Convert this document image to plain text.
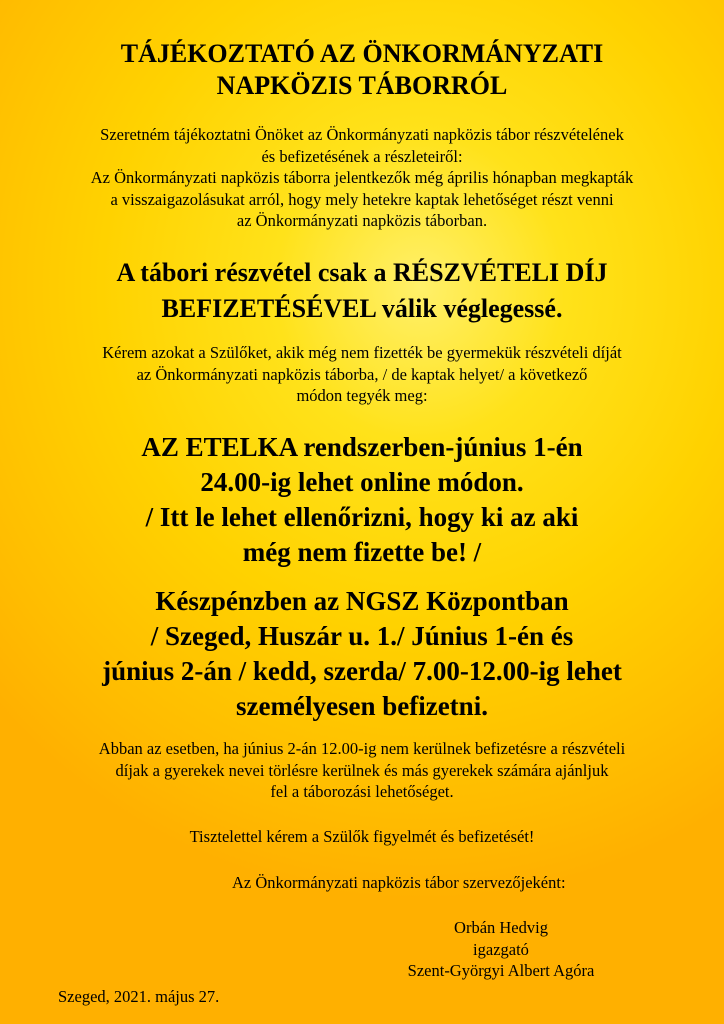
TÁJÉKOZTATÓ AZ ÖNKORMÁNYZATI
NAPKÖZIS TÁBORRÓL

Szeretném tájékoztatni Önöket az Önkormányzati napközis tábor részvételének
és befizetésének a részleteiről:
Az Önkormányzati napközis táborra jelentkezők még április hónapban megkapták
a visszaigazolásukat arról, hogy mely hetekre kaptak lehetőséget részt venni
az Önkormányzati napközis táborban.

A tábori részvétel csak a RÉSZVÉTELI DÍJ
BEFIZETÉSÉVEL válik véglegessé.

Kérem azokat a Szülőket, akik még nem fizették be gyermekük részvételi díját
az Önkormányzati napközis táborba, / de kaptak helyet/ a következő
módon tegyék meg:

AZ ETELKA rendszerben-június 1-én
24.00-ig lehet online módon.
/ Itt le lehet ellenőrizni, hogy ki az aki
még nem fizette be! /

Készpénzben az NGSZ Központban
/ Szeged, Huszár u. 1./ Június 1-én és
június 2-án / kedd, szerda/ 7.00-12.00-ig lehet
személyesen befizetni.

Abban az esetben, ha június 2-án 12.00-ig nem kerülnek befizetésre a részvételi
díjak a gyerekek nevei törlésre kerülnek és más gyerekek számára ajánljuk
fel a táborozási lehetőséget.

Tisztelettel kérem a Szülők figyelmét és befizetését!

Az Önkormányzati napközis tábor szervezőjeként:

Orbán Hedvig
igazgató
Szent-Györgyi Albert Agóra

Szeged, 2021. május 27.
